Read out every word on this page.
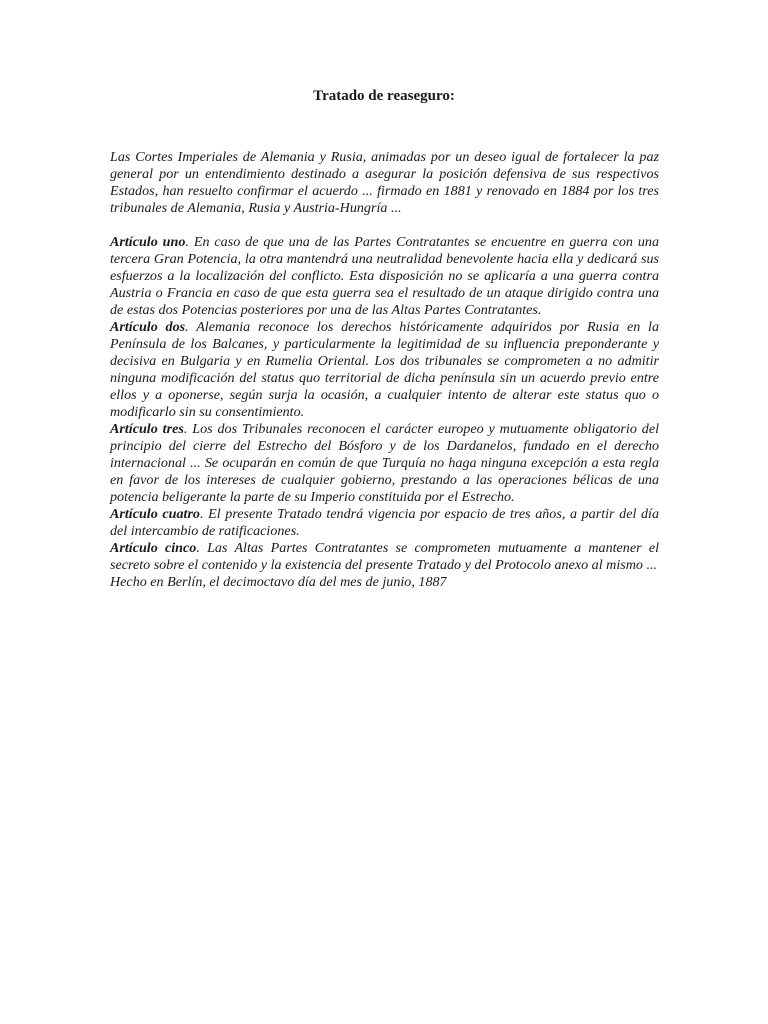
Tratado de reaseguro:

Las Cortes Imperiales de Alemania y Rusia, animadas por un deseo igual de fortalecer la paz general por un entendimiento destinado a asegurar la posición defensiva de sus respectivos Estados, han resuelto confirmar el acuerdo ... firmado en 1881 y renovado en 1884 por los tres tribunales de Alemania, Rusia y Austria-Hungría ...

Artículo uno. En caso de que una de las Partes Contratantes se encuentre en guerra con una tercera Gran Potencia, la otra mantendrá una neutralidad benevolente hacia ella y dedicará sus esfuerzos a la localización del conflicto. Esta disposición no se aplicaría a una guerra contra Austria o Francia en caso de que esta guerra sea el resultado de un ataque dirigido contra una de estas dos Potencias posteriores por una de las Altas Partes Contratantes.

Artículo dos. Alemania reconoce los derechos históricamente adquiridos por Rusia en la Península de los Balcanes, y particularmente la legitimidad de su influencia preponderante y decisiva en Bulgaria y en Rumelia Oriental. Los dos tribunales se comprometen a no admitir ninguna modificación del status quo territorial de dicha península sin un acuerdo previo entre ellos y a oponerse, según surja la ocasión, a cualquier intento de alterar este status quo o modificarlo sin su consentimiento.

Artículo tres. Los dos Tribunales reconocen el carácter europeo y mutuamente obligatorio del principio del cierre del Estrecho del Bósforo y de los Dardanelos, fundado en el derecho internacional ... Se ocuparán en común de que Turquía no haga ninguna excepción a esta regla en favor de los intereses de cualquier gobierno, prestando a las operaciones bélicas de una potencia beligerante la parte de su Imperio constituida por el Estrecho.

Artículo cuatro. El presente Tratado tendrá vigencia por espacio de tres años, a partir del día del intercambio de ratificaciones.

Artículo cinco. Las Altas Partes Contratantes se comprometen mutuamente a mantener el secreto sobre el contenido y la existencia del presente Tratado y del Protocolo anexo al mismo ...

Hecho en Berlín, el decimoctavo día del mes de junio, 1887
